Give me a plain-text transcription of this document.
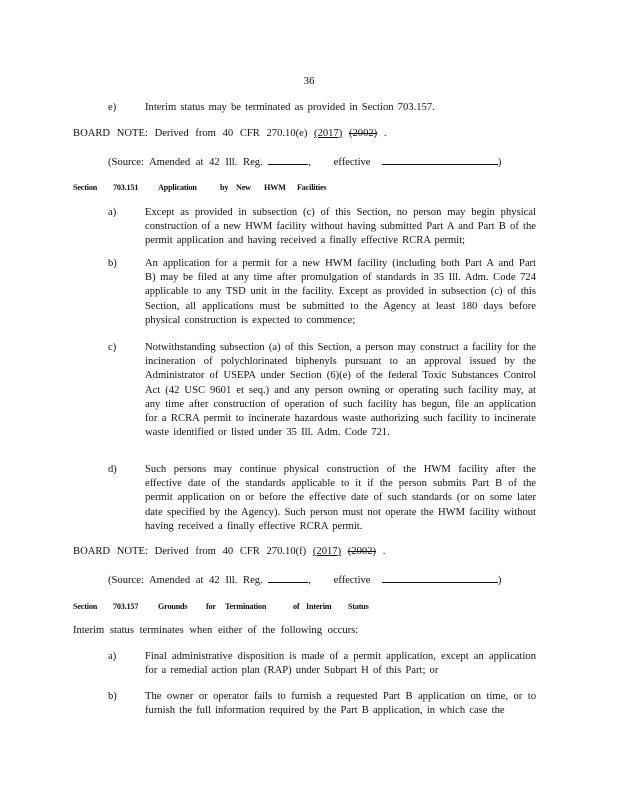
36
e)	Interim status may be terminated as provided in Section 703.157.
BOARD NOTE: Derived from 40 CFR 270.10(e) (2017) (2002) .
(Source: Amended at 42 Ill. Reg.	, effective	)
Section 703.151 Application	by New HWM Facilities
a)	Except as provided in subsection (c) of this Section, no person may begin physical construction of a new HWM facility without having submitted Part A and Part B of the permit application and having received a finally effective RCRA permit;
b)	An application for a permit for a new HWM facility (including both Part A and Part B) may be filed at any time after promulgation of standards in 35 Ill. Adm. Code 724 applicable to any TSD unit in the facility. Except as provided in subsection (c) of this Section, all applications must be submitted to the Agency at least 180 days before physical construction is expected to commence;
c)	Notwithstanding subsection (a) of this Section, a person may construct a facility for the incineration of polychlorinated biphenyls pursuant to an approval issued by the Administrator of USEPA under Section (6)(e) of the federal Toxic Substances Control Act (42 USC 9601 et seq.) and any person owning or operating such facility may, at any time after construction of operation of such facility has begun, file an application for a RCRA permit to incinerate hazardous waste authorizing such facility to incinerate waste identified or listed under 35 Ill. Adm. Code 721.
d)	Such persons may continue physical construction of the HWM facility after the effective date of the standards applicable to it if the person submits Part B of the permit application on or before the effective date of such standards (or on some later date specified by the Agency). Such person must not operate the HWM facility without having received a finally effective RCRA permit.
BOARD NOTE: Derived from 40 CFR 270.10(f) (2017) (2002) .
(Source: Amended at 42 Ill. Reg.	, effective	)
Section 703.157 Grounds for Termination	of Interim Status
Interim status terminates when either of the following occurs:
a)	Final administrative disposition is made of a permit application, except an application for a remedial action plan (RAP) under Subpart H of this Part; or
b)	The owner or operator fails to furnish a requested Part B application on time, or to furnish the full information required by the Part B application, in which case the
